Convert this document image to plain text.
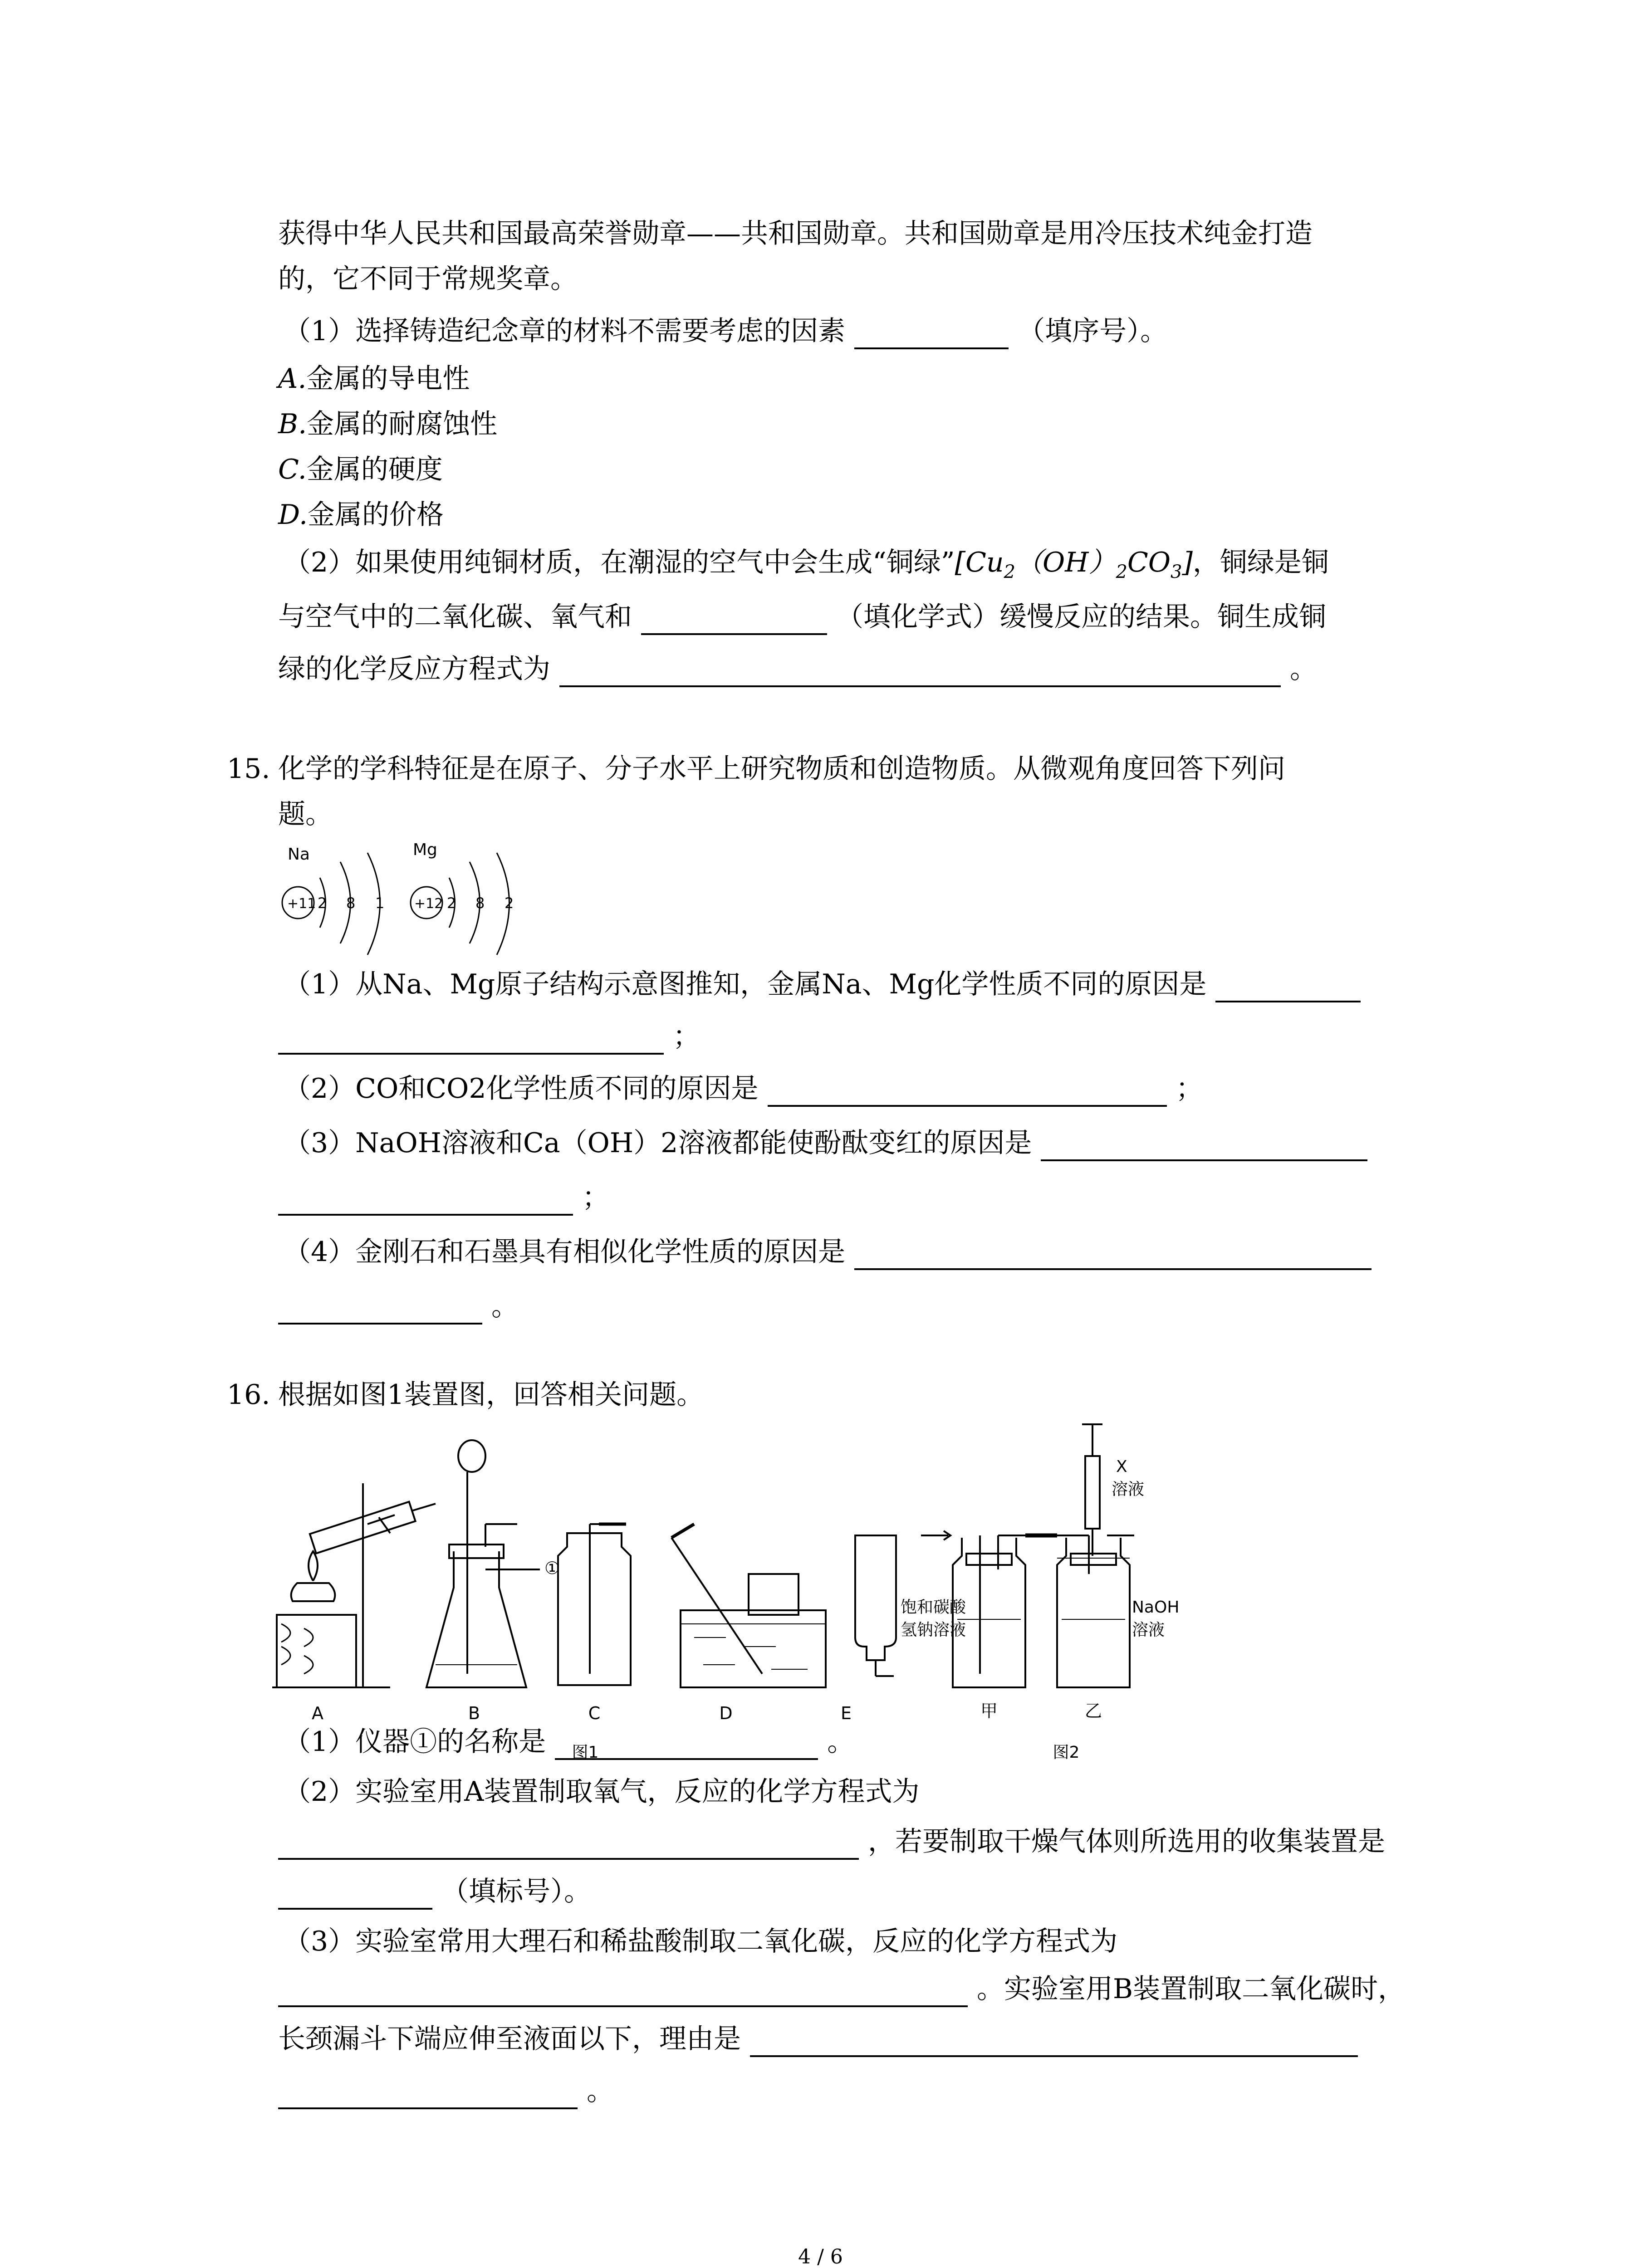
获得中华人民共和国最高荣誉勋章——共和国勋章。共和国勋章是用冷压技术纯金打造
的，它不同于常规奖章。
（1）选择铸造纪念章的材料不需要考虑的因素	（填序号）。
A.金属的导电性
B.金属的耐腐蚀性
C.金属的硬度
D.金属的价格
（2）如果使用纯铜材质，在潮湿的空气中会生成“铜绿$”[Cu_2(OH)_2CO_3]$，铜绿是铜
与空气中的二氧化碳、氧气和	（填化学式）缓慢反应的结果。铜生成铜
绿的化学反应方程式为	。
15. 化学的学科特征是在原子、分子水平上研究物质和创造物质。从微观角度回答下列问
题。
Na
+11 2 8 1
Mg
+12 2 8 2
（1）从Na、Mg原子结构示意图推知，金属Na、Mg化学性质不同的原因是
；
（2）CO和CO2化学性质不同的原因是	；
（3）NaOH溶液和Ca（OH）2溶液都能使酚酞变红的原因是
；
（4）金刚石和石墨具有相似化学性质的原因是
。
16. 根据如图1装置图，回答相关问题。
A	B	C	D	E
①
图1	图2
X
溶液
饱和碳酸
氢钠溶液
NaOH
溶液
甲	乙
（1）仪器①的名称是	。
（2）实验室用A装置制取氧气，反应的化学方程式为
，若要制取干燥气体则所选用的收集装置是
（填标号）。
（3）实验室常用大理石和稀盐酸制取二氧化碳，反应的化学方程式为
。实验室用B装置制取二氧化碳时，
长颈漏斗下端应伸至液面以下，理由是
。
4 / 6
